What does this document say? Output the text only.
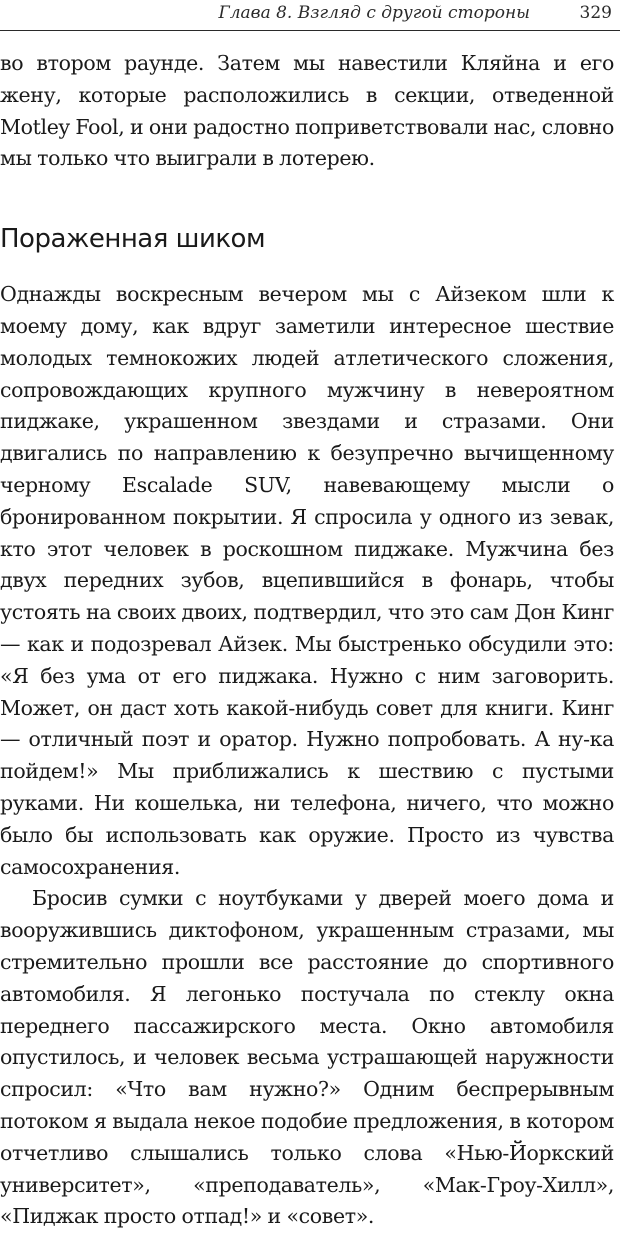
Глава 8. Взгляд с другой стороны	329

во втором раунде. Затем мы навестили Кляйна и его жену, которые расположились в секции, отведенной Motley Fool, и они радостно поприветствовали нас, словно мы только что выиграли в лотерею.

Пораженная шиком

Однажды воскресным вечером мы с Айзеком шли к моему дому, как вдруг заметили интересное шествие молодых темнокожих людей атлетического сложения, сопровождающих крупного мужчину в невероятном пиджаке, украшенном звездами и стразами. Они двигались по направлению к безупречно вычищенному черному Escalade SUV, навевающему мысли о бронированном покрытии. Я спросила у одного из зевак, кто этот человек в роскошном пиджаке. Мужчина без двух передних зубов, вцепившийся в фонарь, чтобы устоять на своих двоих, подтвердил, что это сам Дон Кинг — как и подозревал Айзек. Мы быстренько обсудили это: «Я без ума от его пиджака. Нужно с ним заговорить. Может, он даст хоть какой-нибудь совет для книги. Кинг — отличный поэт и оратор. Нужно попробовать. А ну-ка пойдем!» Мы приближались к шествию с пустыми руками. Ни кошелька, ни телефона, ничего, что можно было бы использовать как оружие. Просто из чувства самосохранения.

Бросив сумки с ноутбуками у дверей моего дома и вооружившись диктофоном, украшенным стразами, мы стремительно прошли все расстояние до спортивного автомобиля. Я легонько постучала по стеклу окна переднего пассажирского места. Окно автомобиля опустилось, и человек весьма устрашающей наружности спросил: «Что вам нужно?» Одним беспрерывным потоком я выдала некое подобие предложения, в котором отчетливо слышались только слова «Нью-Йоркский университет», «преподаватель», «Мак-Гроу-Хилл», «Пиджак просто отпад!» и «совет».
